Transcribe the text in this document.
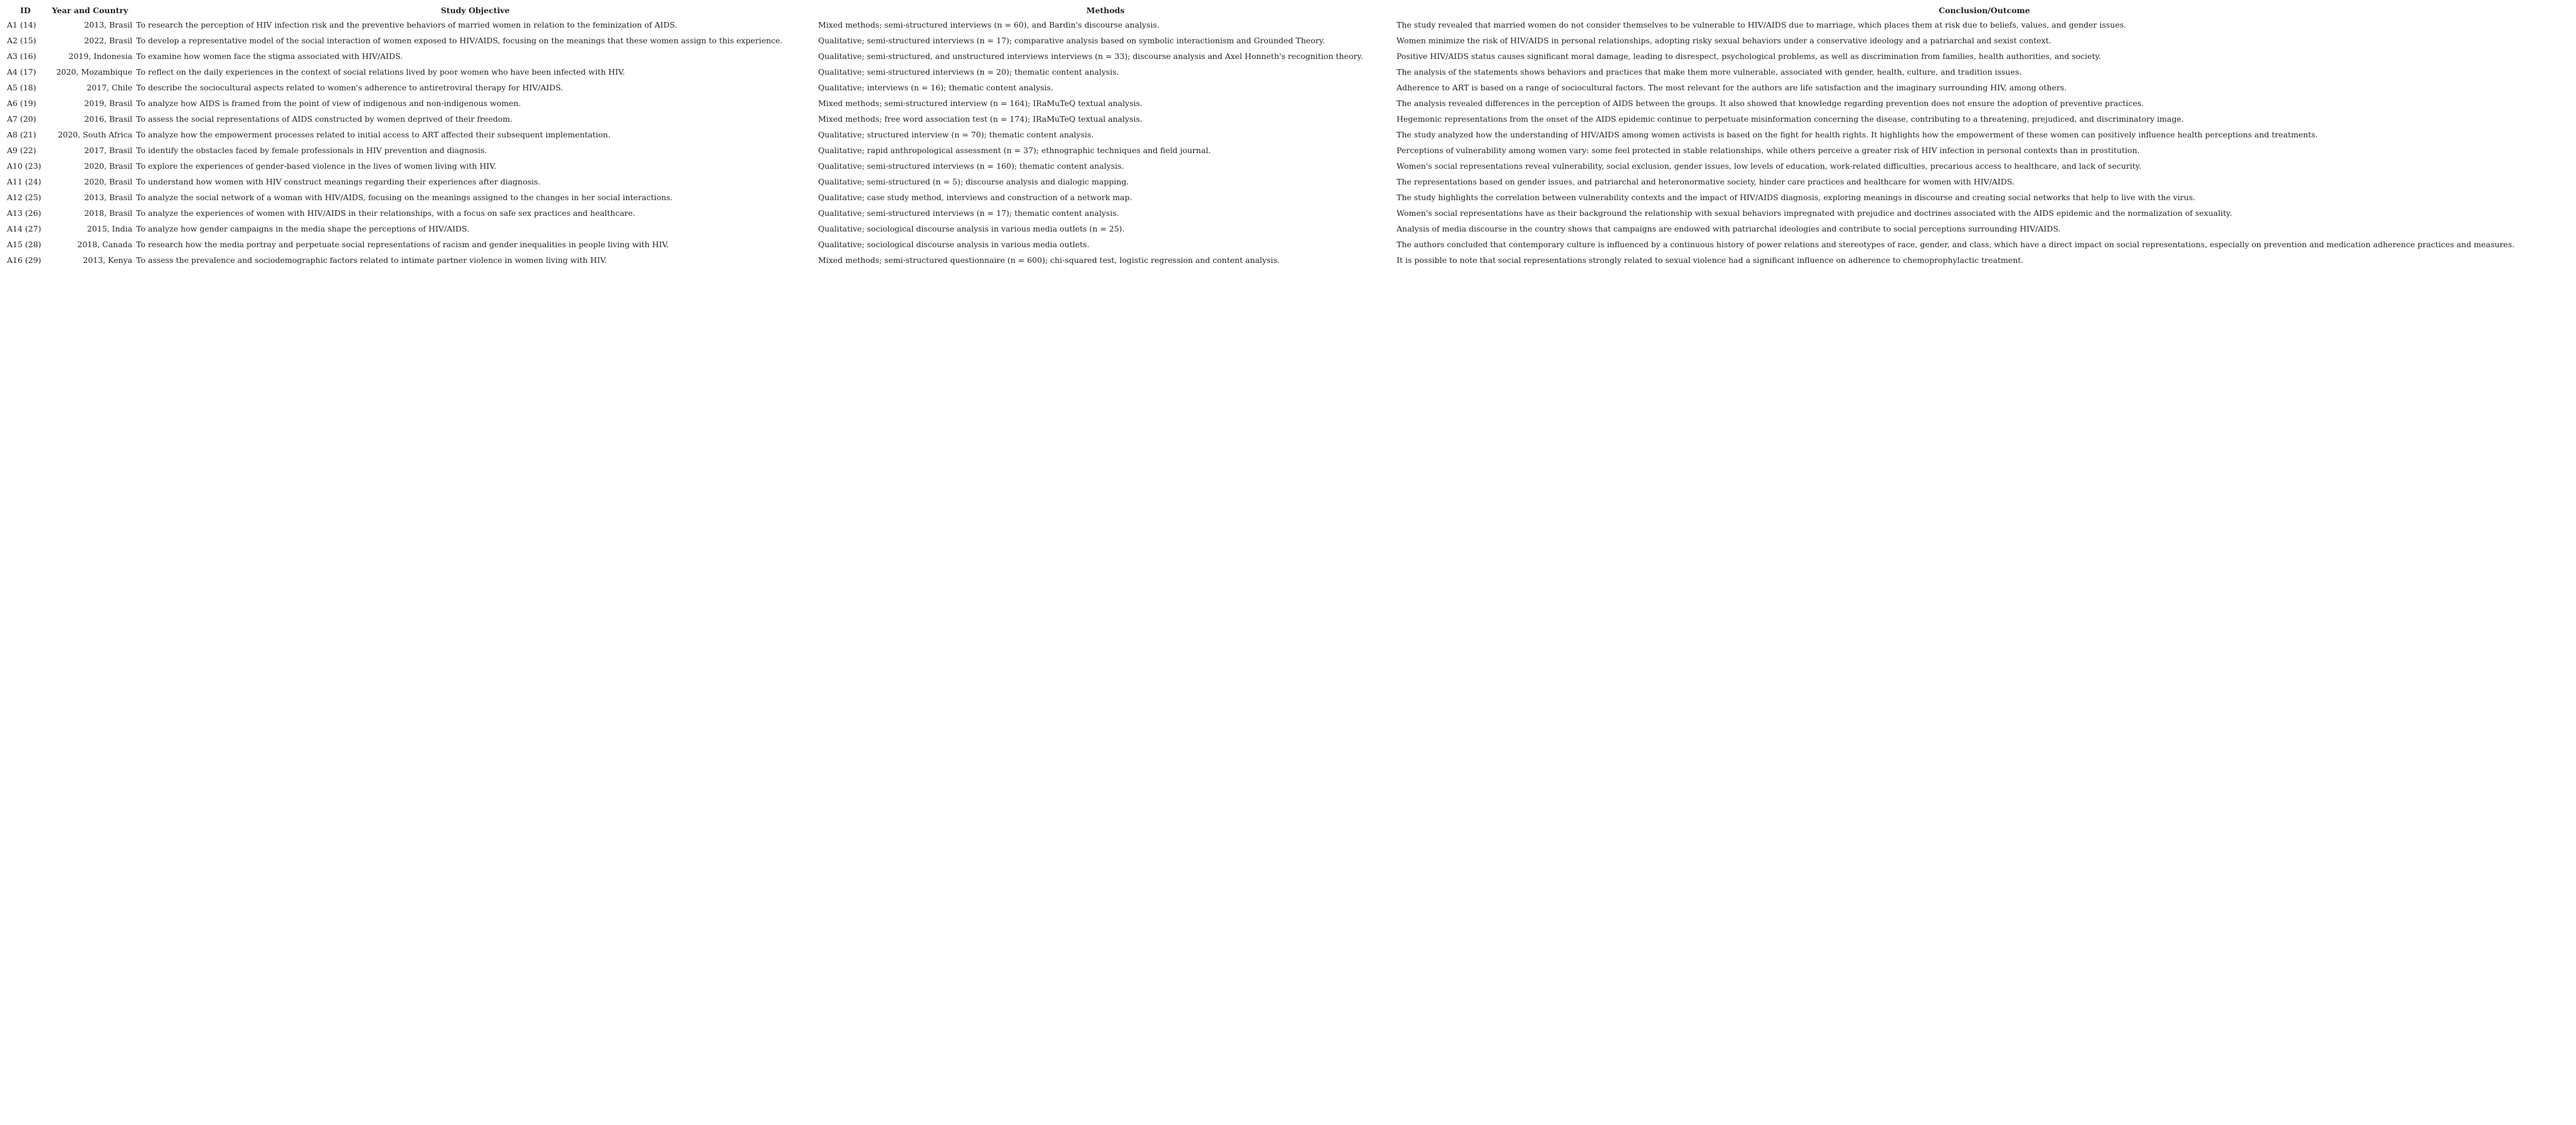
ID	Year and Country	Study Objective	Methods	Conclusion/Outcome
A1 (14)	2013, Brasil	To research the perception of HIV infection risk and the preventive behaviors of married women in relation to the feminization of AIDS.	Mixed methods; semi-structured interviews (n = 60), and Bardin's discourse analysis.	The study revealed that married women do not consider themselves to be vulnerable to HIV/AIDS due to marriage, which places them at risk due to beliefs, values, and gender issues.
A2 (15)	2022, Brasil	To develop a representative model of the social interaction of women exposed to HIV/AIDS, focusing on the meanings that these women assign to this experience.	Qualitative; semi-structured interviews (n = 17); comparative analysis based on symbolic interactionism and Grounded Theory.	Women minimize the risk of HIV/AIDS in personal relationships, adopting risky sexual behaviors under a conservative ideology and a patriarchal and sexist context.
A3 (16)	2019, Indonesia	To examine how women face the stigma associated with HIV/AIDS.	Qualitative; semi-structured, and unstructured interviews interviews (n = 33); discourse analysis and Axel Honneth's recognition theory.	Positive HIV/AIDS status causes significant moral damage, leading to disrespect, psychological problems, as well as discrimination from families, health authorities, and society.
A4 (17)	2020, Mozambique	To reflect on the daily experiences in the context of social relations lived by poor women who have been infected with HIV.	Qualitative; semi-structured interviews (n = 20); thematic content analysis.	The analysis of the statements shows behaviors and practices that make them more vulnerable, associated with gender, health, culture, and tradition issues.
A5 (18)	2017, Chile	To describe the sociocultural aspects related to women's adherence to antiretroviral therapy for HIV/AIDS.	Qualitative; interviews (n = 16); thematic content analysis.	Adherence to ART is based on a range of sociocultural factors. The most relevant for the authors are life satisfaction and the imaginary surrounding HIV, among others.
A6 (19)	2019, Brasil	To analyze how AIDS is framed from the point of view of indigenous and non-indigenous women.	Mixed methods; semi-structured interview (n = 164); IRaMuTeQ textual analysis.	The analysis revealed differences in the perception of AIDS between the groups. It also showed that knowledge regarding prevention does not ensure the adoption of preventive practices.
A7 (20)	2016, Brasil	To assess the social representations of AIDS constructed by women deprived of their freedom.	Mixed methods; free word association test (n = 174); IRaMuTeQ textual analysis.	Hegemonic representations from the onset of the AIDS epidemic continue to perpetuate misinformation concerning the disease, contributing to a threatening, prejudiced, and discriminatory image.
A8 (21)	2020, South Africa	To analyze how the empowerment processes related to initial access to ART affected their subsequent implementation.	Qualitative; structured interview (n = 70); thematic content analysis.	The study analyzed how the understanding of HIV/AIDS among women activists is based on the fight for health rights. It highlights how the empowerment of these women can positively influence health perceptions and treatments.
A9 (22)	2017, Brasil	To identify the obstacles faced by female professionals in HIV prevention and diagnosis.	Qualitative; rapid anthropological assessment (n = 37); ethnographic techniques and field journal.	Perceptions of vulnerability among women vary: some feel protected in stable relationships, while others perceive a greater risk of HIV infection in personal contexts than in prostitution.
A10 (23)	2020, Brasil	To explore the experiences of gender-based violence in the lives of women living with HIV.	Qualitative; semi-structured interviews (n = 160); thematic content analysis.	Women's social representations reveal vulnerability, social exclusion, gender issues, low levels of education, work-related difficulties, precarious access to healthcare, and lack of security.
A11 (24)	2020, Brasil	To understand how women with HIV construct meanings regarding their experiences after diagnosis.	Qualitative; semi-structured (n = 5); discourse analysis and dialogic mapping.	The representations based on gender issues, and patriarchal and heteronormative society, hinder care practices and healthcare for women with HIV/AIDS.
A12 (25)	2013, Brasil	To analyze the social network of a woman with HIV/AIDS, focusing on the meanings assigned to the changes in her social interactions.	Qualitative; case study method, interviews and construction of a network map.	The study highlights the correlation between vulnerability contexts and the impact of HIV/AIDS diagnosis, exploring meanings in discourse and creating social networks that help to live with the virus.
A13 (26)	2018, Brasil	To analyze the experiences of women with HIV/AIDS in their relationships, with a focus on safe sex practices and healthcare.	Qualitative; semi-structured interviews (n = 17); thematic content analysis.	Women's social representations have as their background the relationship with sexual behaviors impregnated with prejudice and doctrines associated with the AIDS epidemic and the normalization of sexuality.
A14 (27)	2015, India	To analyze how gender campaigns in the media shape the perceptions of HIV/AIDS.	Qualitative; sociological discourse analysis in various media outlets (n = 25).	Analysis of media discourse in the country shows that campaigns are endowed with patriarchal ideologies and contribute to social perceptions surrounding HIV/AIDS.
A15 (28)	2018, Canada	To research how the media portray and perpetuate social representations of racism and gender inequalities in people living with HIV.	Qualitative; sociological discourse analysis in various media outlets.	The authors concluded that contemporary culture is influenced by a continuous history of power relations and stereotypes of race, gender, and class, which have a direct impact on social representations, especially on prevention and medication adherence practices and measures.
A16 (29)	2013, Kenya	To assess the prevalence and sociodemographic factors related to intimate partner violence in women living with HIV.	Mixed methods; semi-structured questionnaire (n = 600); chi-squared test, logistic regression and content analysis.	It is possible to note that social representations strongly related to sexual violence had a significant influence on adherence to chemoprophylactic treatment.
